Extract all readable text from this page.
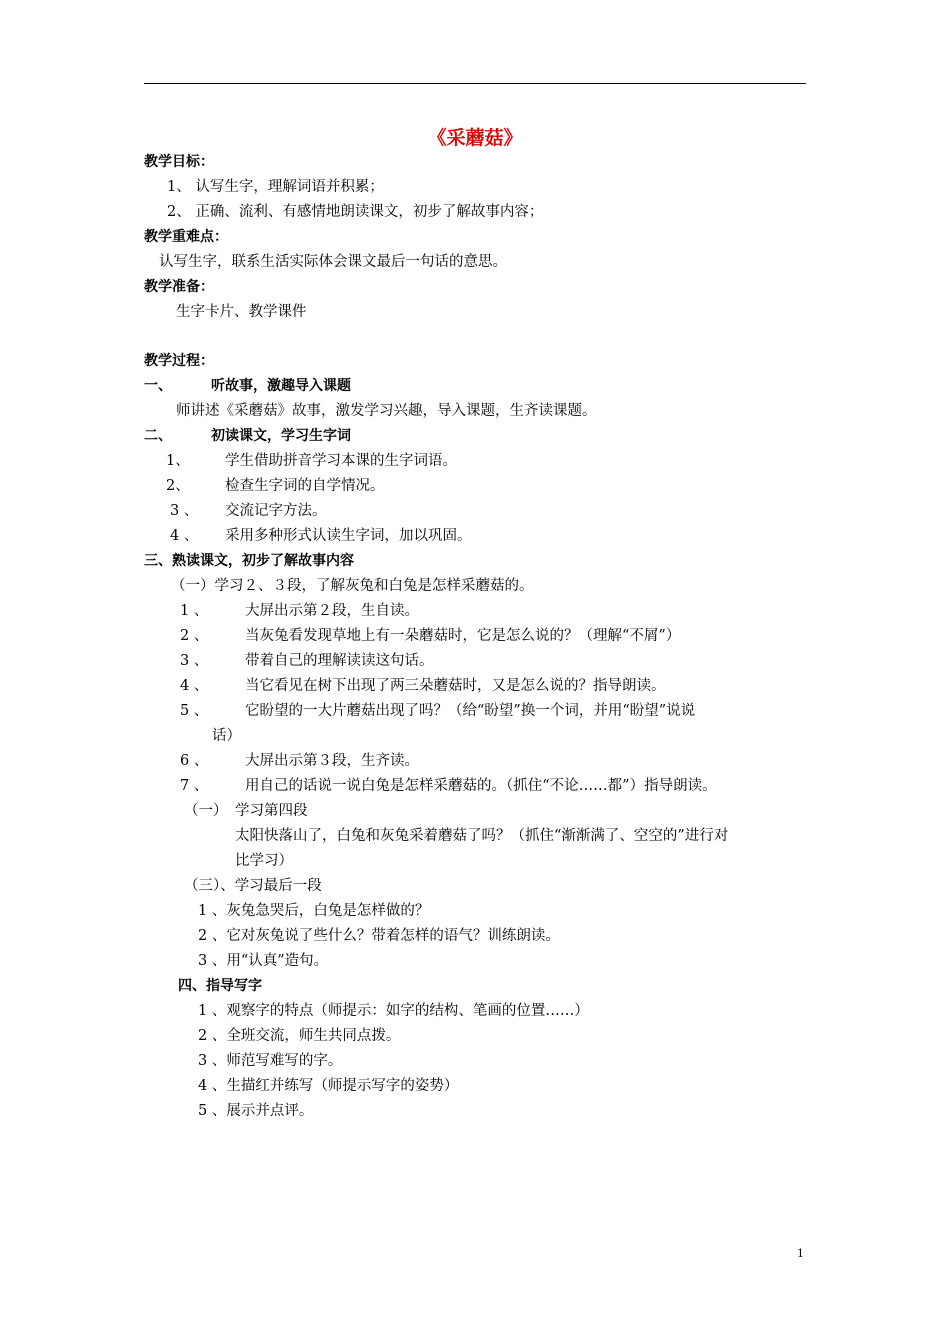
《采蘑菇》
教学目标：
1、 认写生字，理解词语并积累；
2、 正确、流利、有感情地朗读课文，初步了解故事内容；
教学重难点：
认写生字，联系生活实际体会课文最后一句话的意思。
教学准备：
生字卡片、教学课件
教学过程：
一、	听故事，激趣导入课题
师讲述《采蘑菇》故事，激发学习兴趣，导入课题，生齐读课题。
二、	初读课文，学习生字词
1、 学生借助拼音学习本课的生字词语。
2、 检查生字词的自学情况。
3 、 交流记字方法。
4 、 采用多种形式认读生字词，加以巩固。
三、熟读课文，初步了解故事内容
（一）学习２、３段，了解灰兔和白兔是怎样采蘑菇的。
1 、	大屏出示第２段，生自读。
2 、	当灰兔看发现草地上有一朵蘑菇时，它是怎么说的？（理解“不屑”）
3 、	带着自己的理解读读这句话。
4 、	当它看见在树下出现了两三朵蘑菇时，又是怎么说的？指导朗读。
5 、	它盼望的一大片蘑菇出现了吗？（给“盼望”换一个词，并用“盼望”说说
话）
6 、	大屏出示第３段，生齐读。
7 、	用自己的话说一说白兔是怎样采蘑菇的。（抓住“不论……都”）指导朗读。
（一） 学习第四段
太阳快落山了，白兔和灰兔采着蘑菇了吗？（抓住“渐渐满了、空空的”进行对
比学习）
（三）、学习最后一段
1 、灰兔急哭后，白兔是怎样做的？
2 、它对灰兔说了些什么？带着怎样的语气？训练朗读。
3 、用“认真”造句。
四、指导写字
1 、观察字的特点（师提示：如字的结构、笔画的位置……）
2 、全班交流，师生共同点拨。
3 、师范写难写的字。
4 、生描红并练写（师提示写字的姿势）
5 、展示并点评。
1
